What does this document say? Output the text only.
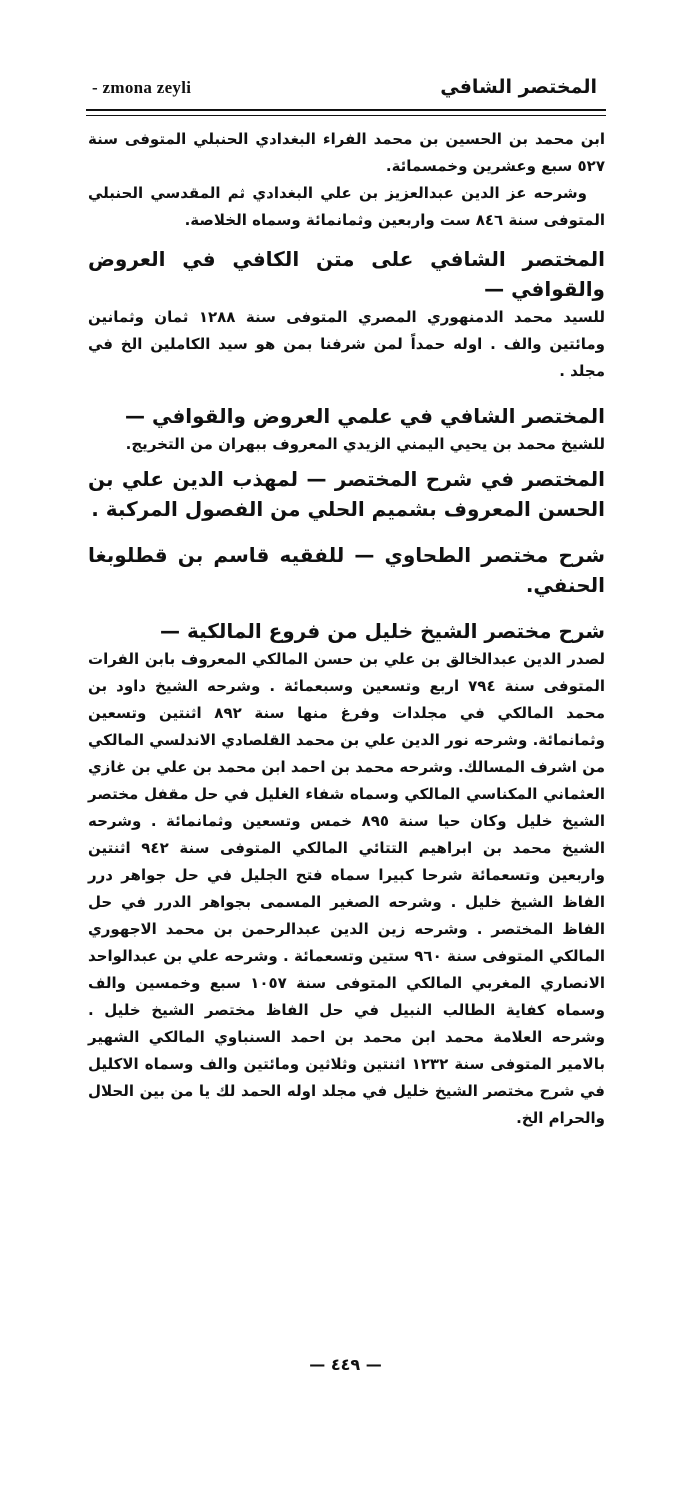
- zmona zeyli	المختصر الشافي

ابن محمد بن الحسين بن محمد الفراء البغدادي الحنبلي المتوفى سنة ٥٢٧ سبع وعشرين وخمسمائة.

وشرحه عز الدين عبدالعزيز بن علي البغدادي ثم المقدسي الحنبلي المتوفى سنة ٨٤٦ ست واربعين وثمانمائة وسماه الخلاصة.

المختصر الشافي على متن الكافي في العروض والقوافي —

للسيد محمد الدمنهوري المصري المتوفى سنة ١٢٨٨ ثمان وثمانين ومائتين والف . اوله حمداً لمن شرفنا بمن هو سيد الكاملين الخ في مجلد .

المختصر الشافي في علمي العروض والقوافي —

للشيخ محمد بن يحيي اليمني الزيدي المعروف ببهران من التخريج.

المختصر في شرح المختصر — لمهذب الدين علي بن الحسن المعروف بشميم الحلي من الفصول المركبة .
شرح مختصر الطحاوي — للفقيه قاسم بن قطلوبغا الحنفي.
شرح مختصر الشيخ خليل من فروع المالكية —

لصدر الدين عبدالخالق بن علي بن حسن المالكي المعروف بابن الفرات المتوفى سنة ٧٩٤ اربع وتسعين وسبعمائة . وشرحه الشيخ داود بن محمد المالكي في مجلدات وفرغ منها سنة ٨٩٢ اثنتين وتسعين وثمانمائة. وشرحه نور الدين علي بن محمد القلصادي الاندلسي المالكي من اشرف المسالك. وشرحه محمد بن احمد ابن محمد بن علي بن غازي العثماني المكناسي المالكي وسماه شفاء الغليل في حل مقفل مختصر الشيخ خليل وكان حيا سنة ٨٩٥ خمس وتسعين وثمانمائة . وشرحه الشيخ محمد بن ابراهيم التتائي المالكي المتوفى سنة ٩٤٢ اثنتين واربعين وتسعمائة شرحا كبيرا سماه فتح الجليل في حل جواهر درر الفاظ الشيخ خليل . وشرحه الصغير المسمى بجواهر الدرر في حل الفاظ المختصر . وشرحه زين الدين عبدالرحمن بن محمد الاجهوري المالكي المتوفى سنة ٩٦٠ ستين وتسعمائة . وشرحه علي بن عبدالواحد الانصاري المغربي المالكي المتوفى سنة ١٠٥٧ سبع وخمسين والف وسماه كفاية الطالب النبيل في حل الفاظ مختصر الشيخ خليل . وشرحه العلامة محمد ابن محمد بن احمد السنباوي المالكي الشهير بالامير المتوفى سنة ١٢٣٢ اثنتين وثلاثين ومائتين والف وسماه الاكليل في شرح مختصر الشيخ خليل في مجلد اوله الحمد لك يا من بين الحلال والحرام الخ.

— ٤٤٩ —
